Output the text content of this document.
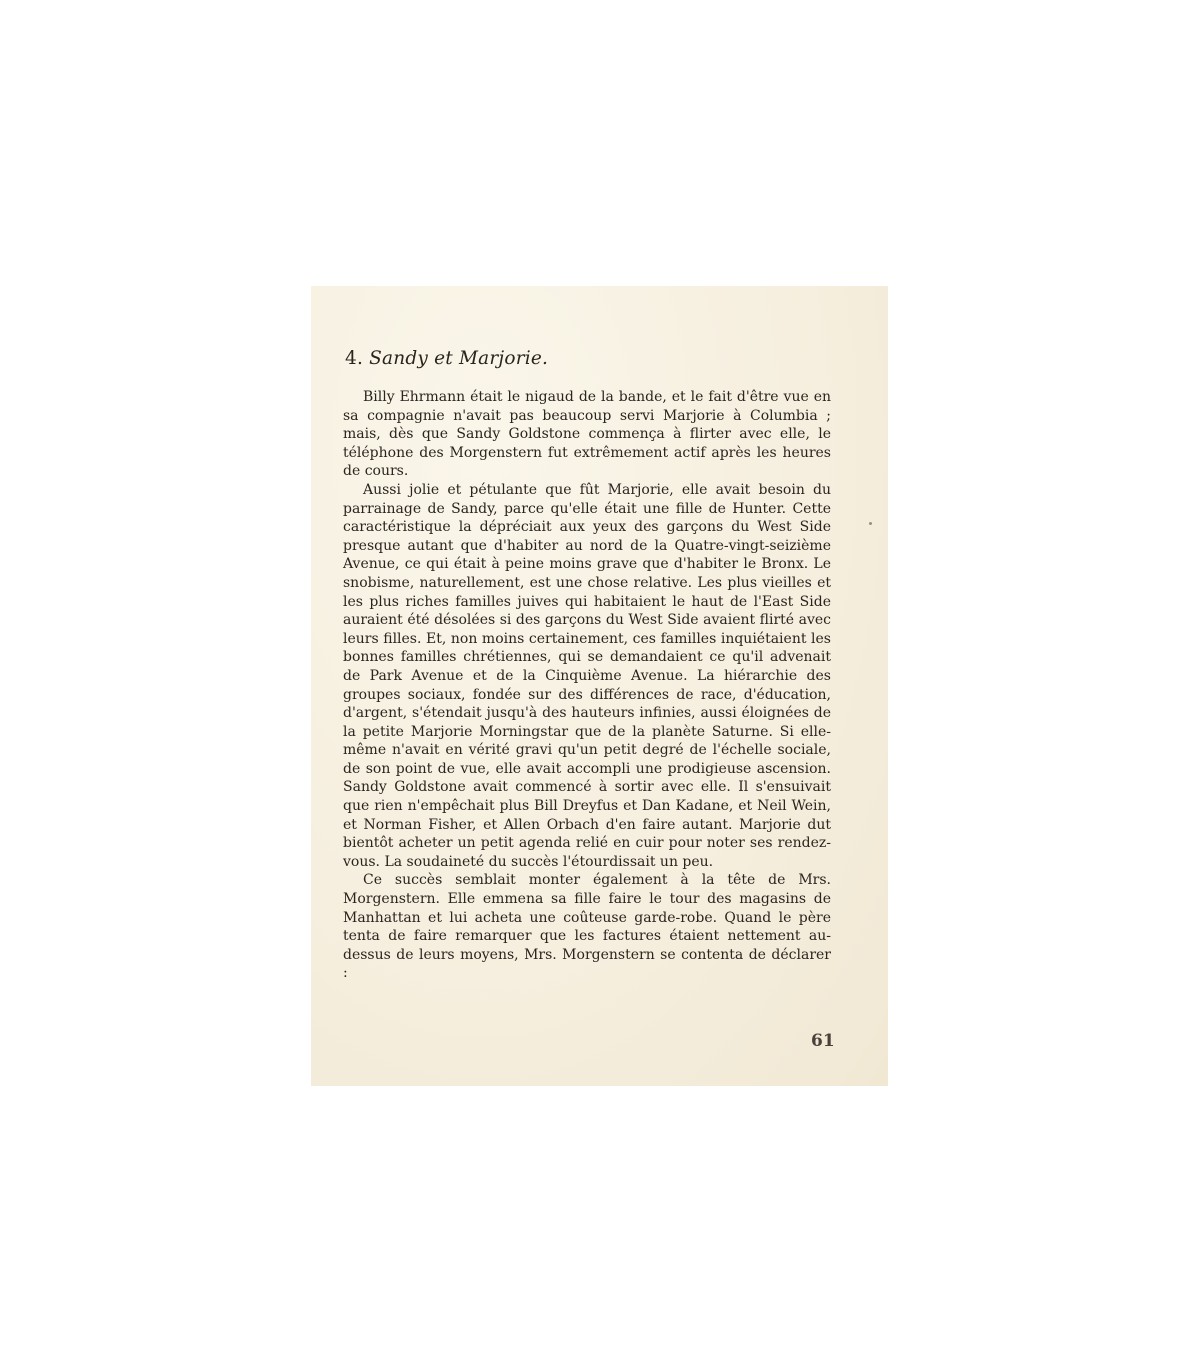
4. Sandy et Marjorie.

Billy Ehrmann était le nigaud de la bande, et le fait d'être vue en sa compagnie n'avait pas beaucoup servi Marjorie à Columbia ; mais, dès que Sandy Goldstone commença à flirter avec elle, le téléphone des Morgenstern fut extrêmement actif après les heures de cours.

Aussi jolie et pétulante que fût Marjorie, elle avait besoin du parrainage de Sandy, parce qu'elle était une fille de Hunter. Cette caractéristique la dépréciait aux yeux des garçons du West Side presque autant que d'habiter au nord de la Quatre-vingt-seizième Avenue, ce qui était à peine moins grave que d'habiter le Bronx. Le snobisme, naturellement, est une chose relative. Les plus vieilles et les plus riches familles juives qui habitaient le haut de l'East Side auraient été désolées si des garçons du West Side avaient flirté avec leurs filles. Et, non moins certainement, ces familles inquiétaient les bonnes familles chrétiennes, qui se demandaient ce qu'il advenait de Park Avenue et de la Cinquième Avenue. La hiérarchie des groupes sociaux, fondée sur des différences de race, d'éducation, d'argent, s'étendait jusqu'à des hauteurs infinies, aussi éloignées de la petite Marjorie Morningstar que de la planète Saturne. Si elle-même n'avait en vérité gravi qu'un petit degré de l'échelle sociale, de son point de vue, elle avait accompli une prodigieuse ascension. Sandy Goldstone avait commencé à sortir avec elle. Il s'ensuivait que rien n'empêchait plus Bill Dreyfus et Dan Kadane, et Neil Wein, et Norman Fisher, et Allen Orbach d'en faire autant. Marjorie dut bientôt acheter un petit agenda relié en cuir pour noter ses rendez-vous. La soudaineté du succès l'étourdissait un peu.

Ce succès semblait monter également à la tête de Mrs. Morgenstern. Elle emmena sa fille faire le tour des magasins de Manhattan et lui acheta une coûteuse garde-robe. Quand le père tenta de faire remarquer que les factures étaient nettement au-dessus de leurs moyens, Mrs. Morgenstern se contenta de déclarer :

61
